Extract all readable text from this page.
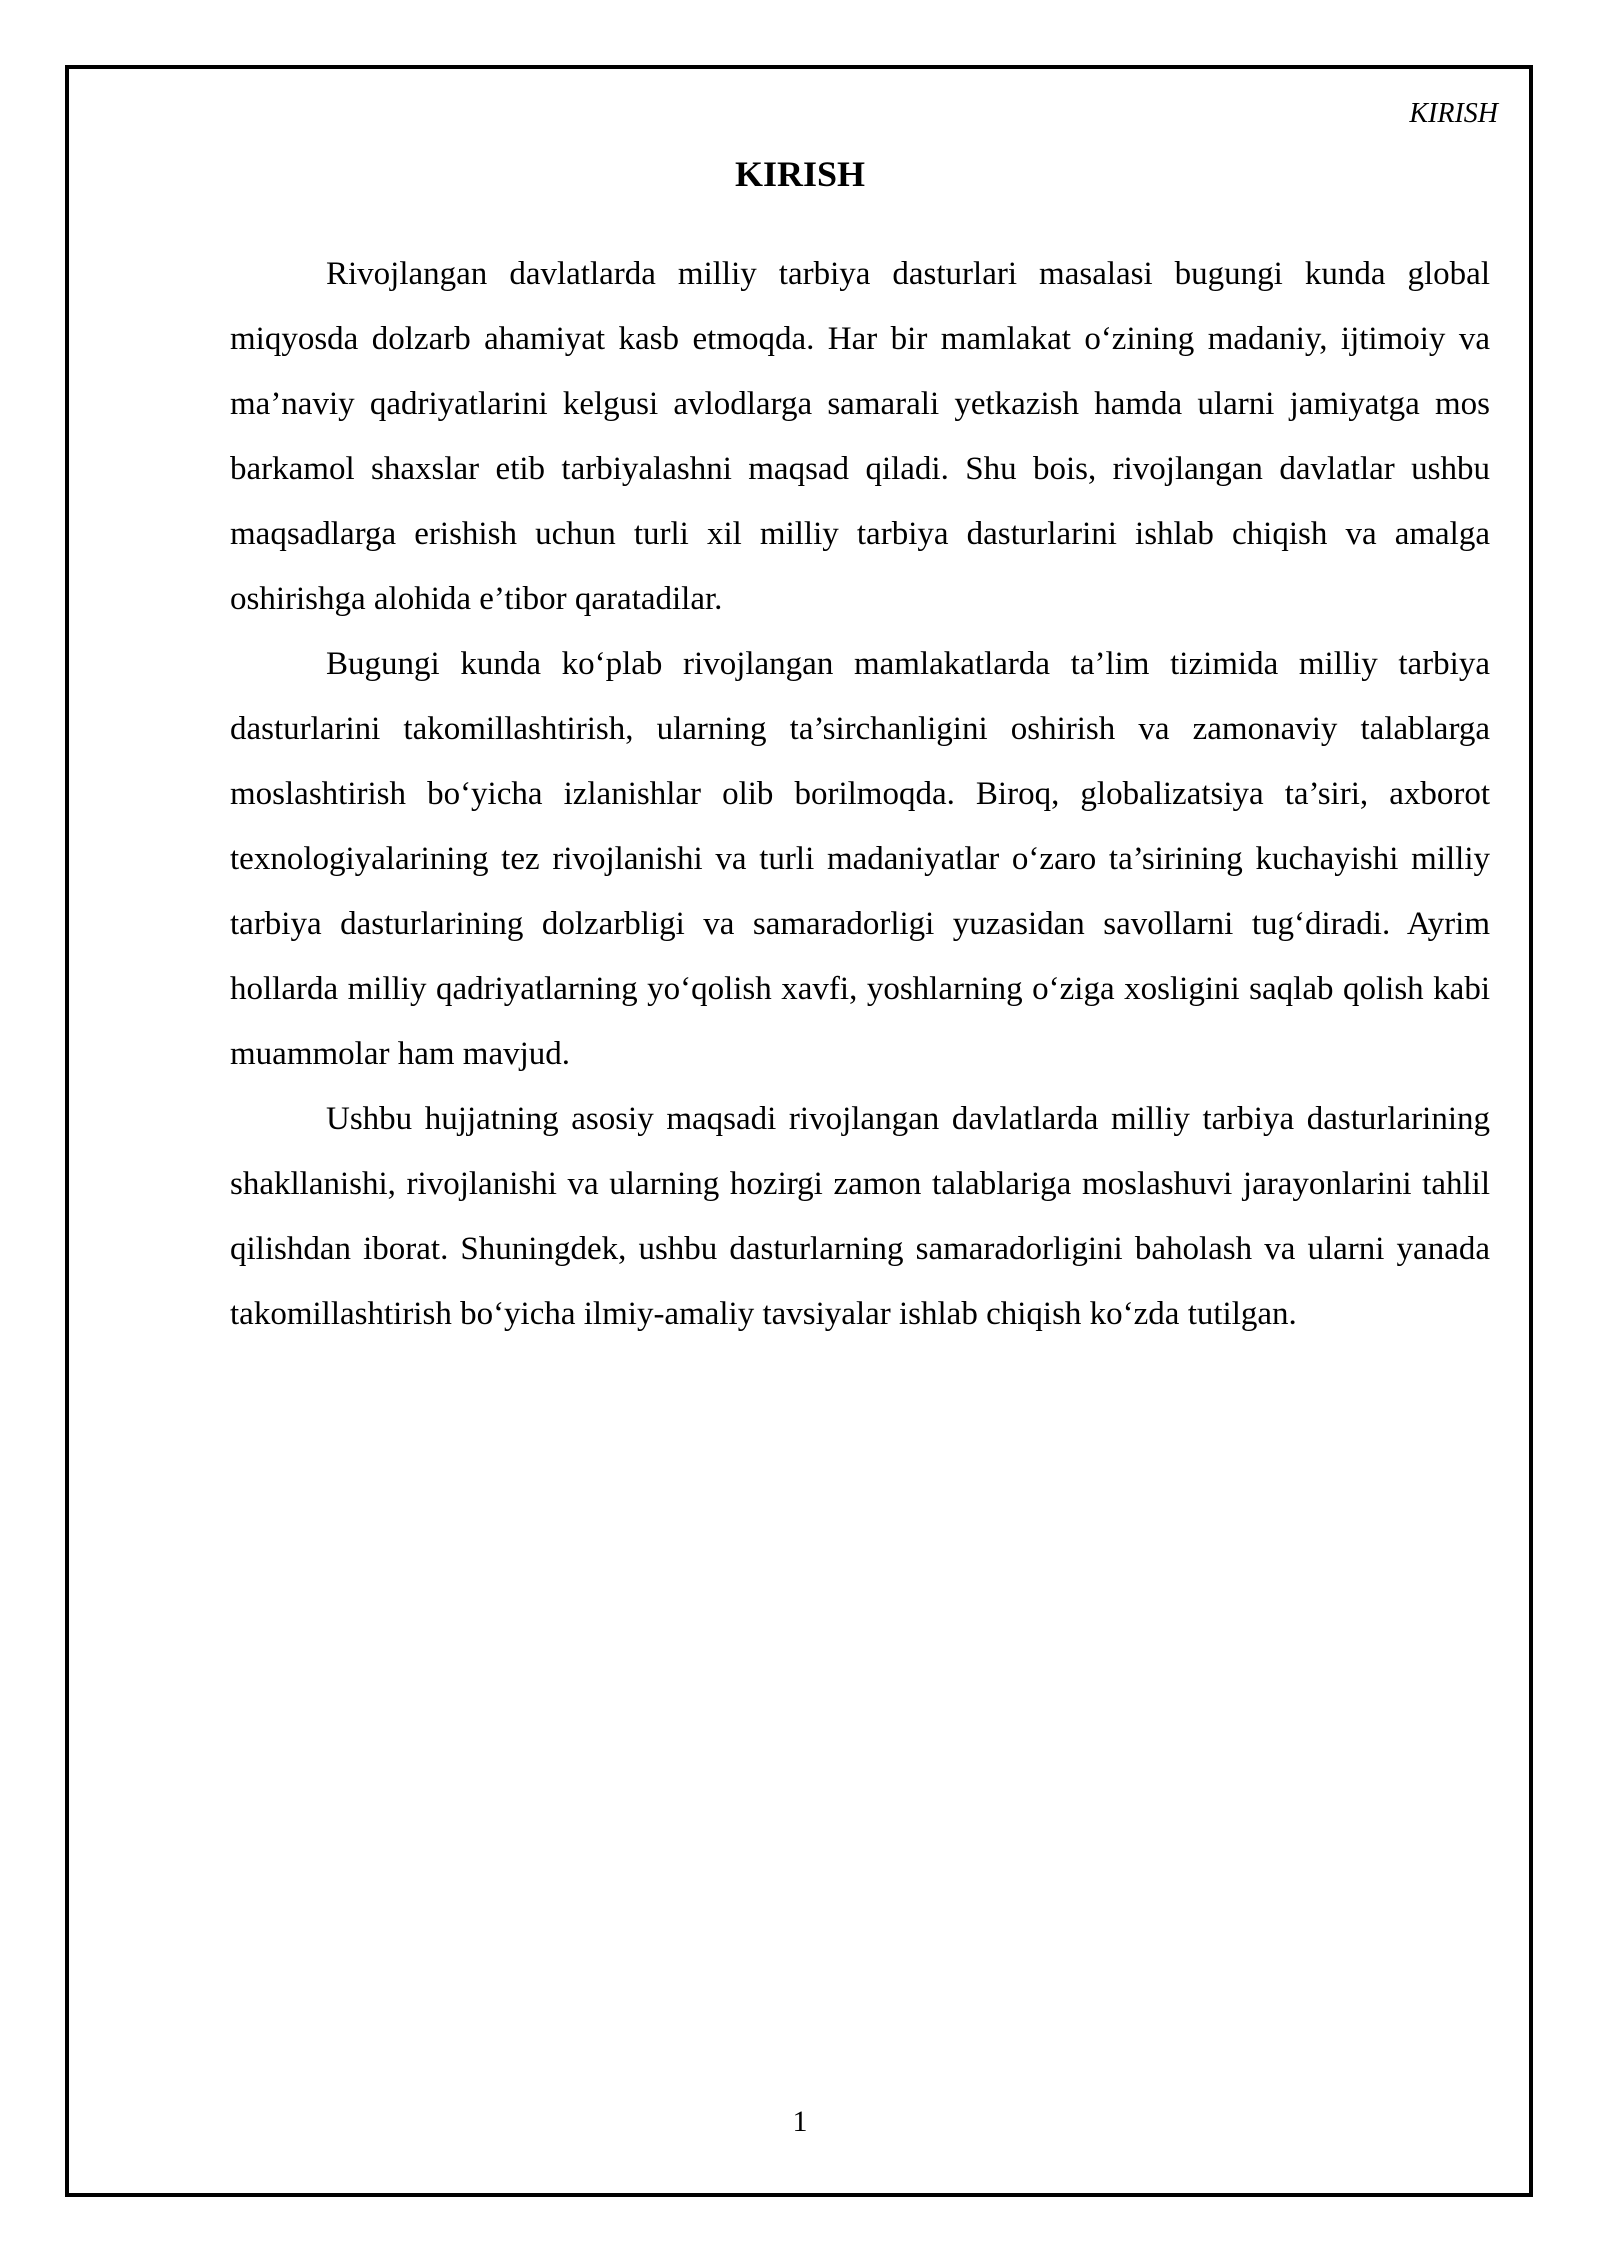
KIRISH
KIRISH

Rivojlangan davlatlarda milliy tarbiya dasturlari masalasi bugungi kunda global miqyosda dolzarb ahamiyat kasb etmoqda. Har bir mamlakat o‘zining madaniy, ijtimoiy va ma’naviy qadriyatlarini kelgusi avlodlarga samarali yetkazish hamda ularni jamiyatga mos barkamol shaxslar etib tarbiyalashni maqsad qiladi. Shu bois, rivojlangan davlatlar ushbu maqsadlarga erishish uchun turli xil milliy tarbiya dasturlarini ishlab chiqish va amalga oshirishga alohida e’tibor qaratadilar.

Bugungi kunda ko‘plab rivojlangan mamlakatlarda ta’lim tizimida milliy tarbiya dasturlarini takomillashtirish, ularning ta’sirchanligini oshirish va zamonaviy talablarga moslashtirish bo‘yicha izlanishlar olib borilmoqda. Biroq, globalizatsiya ta’siri, axborot texnologiyalarining tez rivojlanishi va turli madaniyatlar o‘zaro ta’sirining kuchayishi milliy tarbiya dasturlarining dolzarbligi va samaradorligi yuzasidan savollarni tug‘diradi. Ayrim hollarda milliy qadriyatlarning yo‘qolish xavfi, yoshlarning o‘ziga xosligini saqlab qolish kabi muammolar ham mavjud.

Ushbu hujjatning asosiy maqsadi rivojlangan davlatlarda milliy tarbiya dasturlarining shakllanishi, rivojlanishi va ularning hozirgi zamon talablariga moslashuvi jarayonlarini tahlil qilishdan iborat. Shuningdek, ushbu dasturlarning samaradorligini baholash va ularni yanada takomillashtirish bo‘yicha ilmiy-amaliy tavsiyalar ishlab chiqish ko‘zda tutilgan.

1
